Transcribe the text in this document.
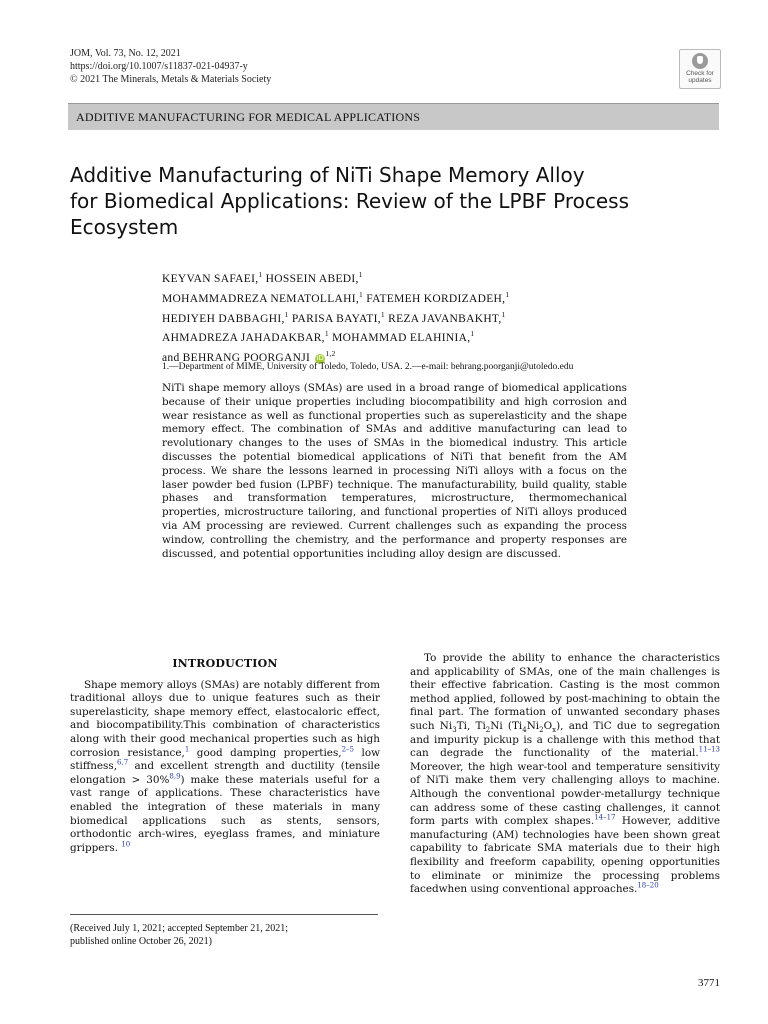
JOM, Vol. 73, No. 12, 2021
https://doi.org/10.1007/s11837-021-04937-y
© 2021 The Minerals, Metals & Materials Society
Check for
updates
ADDITIVE MANUFACTURING FOR MEDICAL APPLICATIONS
Additive Manufacturing of NiTi Shape Memory Alloy
for Biomedical Applications: Review of the LPBF Process
Ecosystem
KEYVAN SAFAEI,$^1$ HOSSEIN ABEDI,$^1$
MOHAMMADREZA NEMATOLLAHI,$^1$ FATEMEH KORDIZADEH,$^1$
HEDIYEH DABBAGHI,$^1$ PARISA BAYATI,$^1$ REZA JAVANBAKHT,$^1$
AHMADREZA JAHADAKBAR,$^1$ MOHAMMAD ELAHINIA,$^1$
and BEHRANG POORGANJI iD$^{1,2}$
1.—Department of MIME, University of Toledo, Toledo, USA. 2.—e-mail: behrang.poorganji@utoledo.edu
NiTi shape memory alloys (SMAs) are used in a broad range of biomedical applications because of their unique properties including biocompatibility and high corrosion and wear resistance as well as functional properties such as superelasticity and the shape memory effect. The combination of SMAs and additive manufacturing can lead to revolutionary changes to the uses of SMAs in the biomedical industry. This article discusses the potential biomedical applications of NiTi that benefit from the AM process. We share the lessons learned in processing NiTi alloys with a focus on the laser powder bed fusion (LPBF) technique. The manufacturability, build quality, stable phases and transformation temperatures, microstructure, thermomechanical properties, microstructure tailoring, and functional properties of NiTi alloys produced via AM processing are reviewed. Current challenges such as expanding the process window, controlling the chemistry, and the performance and property responses are discussed, and potential opportunities including alloy design are discussed.
INTRODUCTION

Shape memory alloys (SMAs) are notably different from traditional alloys due to unique features such as their superelasticity, shape memory effect, elastocaloric effect, and biocompatibility.This combination of characteristics along with their good mechanical properties such as high corrosion resistance,$^1$ good damping properties,$^{2-5}$ low stiffness,$^{6,7}$ and excellent strength and ductility (tensile elongation > 30%$^{8,9}$) make these materials useful for a vast range of applications. These characteristics have enabled the integration of these materials in many biomedical applications such as stents, sensors, orthodontic arch-wires, eyeglass frames, and miniature grippers. $^{10}$

To provide the ability to enhance the characteristics and applicability of SMAs, one of the main challenges is their effective fabrication. Casting is the most common method applied, followed by post-machining to obtain the final part. The formation of unwanted secondary phases such $Ni_3Ti$, $Ti_2Ni$ $(Ti_4Ni_2O_x)$, and TiC due to segregation and impurity pickup is a challenge with this method that can degrade the functionality of the material.$^{11-13}$ Moreover, the high wear-tool and temperature sensitivity of NiTi make them very challenging alloys to machine. Although the conventional powder-metallurgy technique can address some of these casting challenges, it cannot form parts with complex shapes.$^{14-17}$ However, additive manufacturing (AM) technologies have been shown great capability to fabricate SMA materials due to their high flexibility and freeform capability, opening opportunities to eliminate or minimize the processing problems facedwhen using conventional approaches.$^{18-20}$

(Received July 1, 2021; accepted September 21, 2021;
published online October 26, 2021)
3771
